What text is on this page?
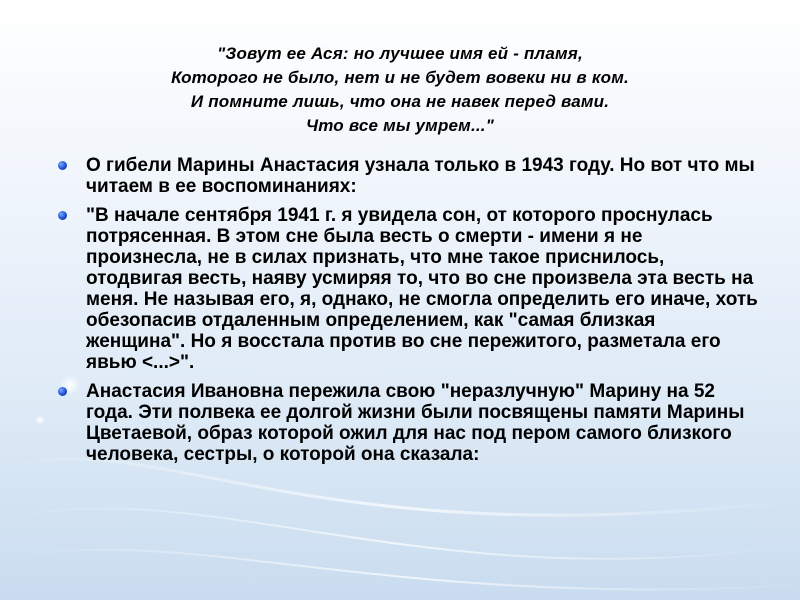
"Зовут ее Ася: но лучшее имя ей - пламя,
Которого не было, нет и не будет вовеки ни в ком.
И помните лишь, что она не навек перед вами.
Что все мы умрем..."
О гибели Марины Анастасия узнала только в 1943 году. Но вот что мы читаем в ее воспоминаниях:
"В начале сентября 1941 г. я увидела сон, от которого проснулась потрясенная. В этом сне была весть о смерти - имени я не произнесла, не в силах признать, что мне такое приснилось, отодвигая весть, наяву усмиряя то, что во сне произвела эта весть на меня. Не называя его, я, однако, не смогла определить его иначе, хоть обезопасив отдаленным определением, как "самая близкая женщина". Но я восстала против во сне пережитого, разметала его явью <...>".
Анастасия Ивановна пережила свою "неразлучную" Марину на 52 года. Эти полвека ее долгой жизни были посвящены памяти Марины Цветаевой, образ которой ожил для нас под пером самого близкого человека, сестры, о которой она сказала:
